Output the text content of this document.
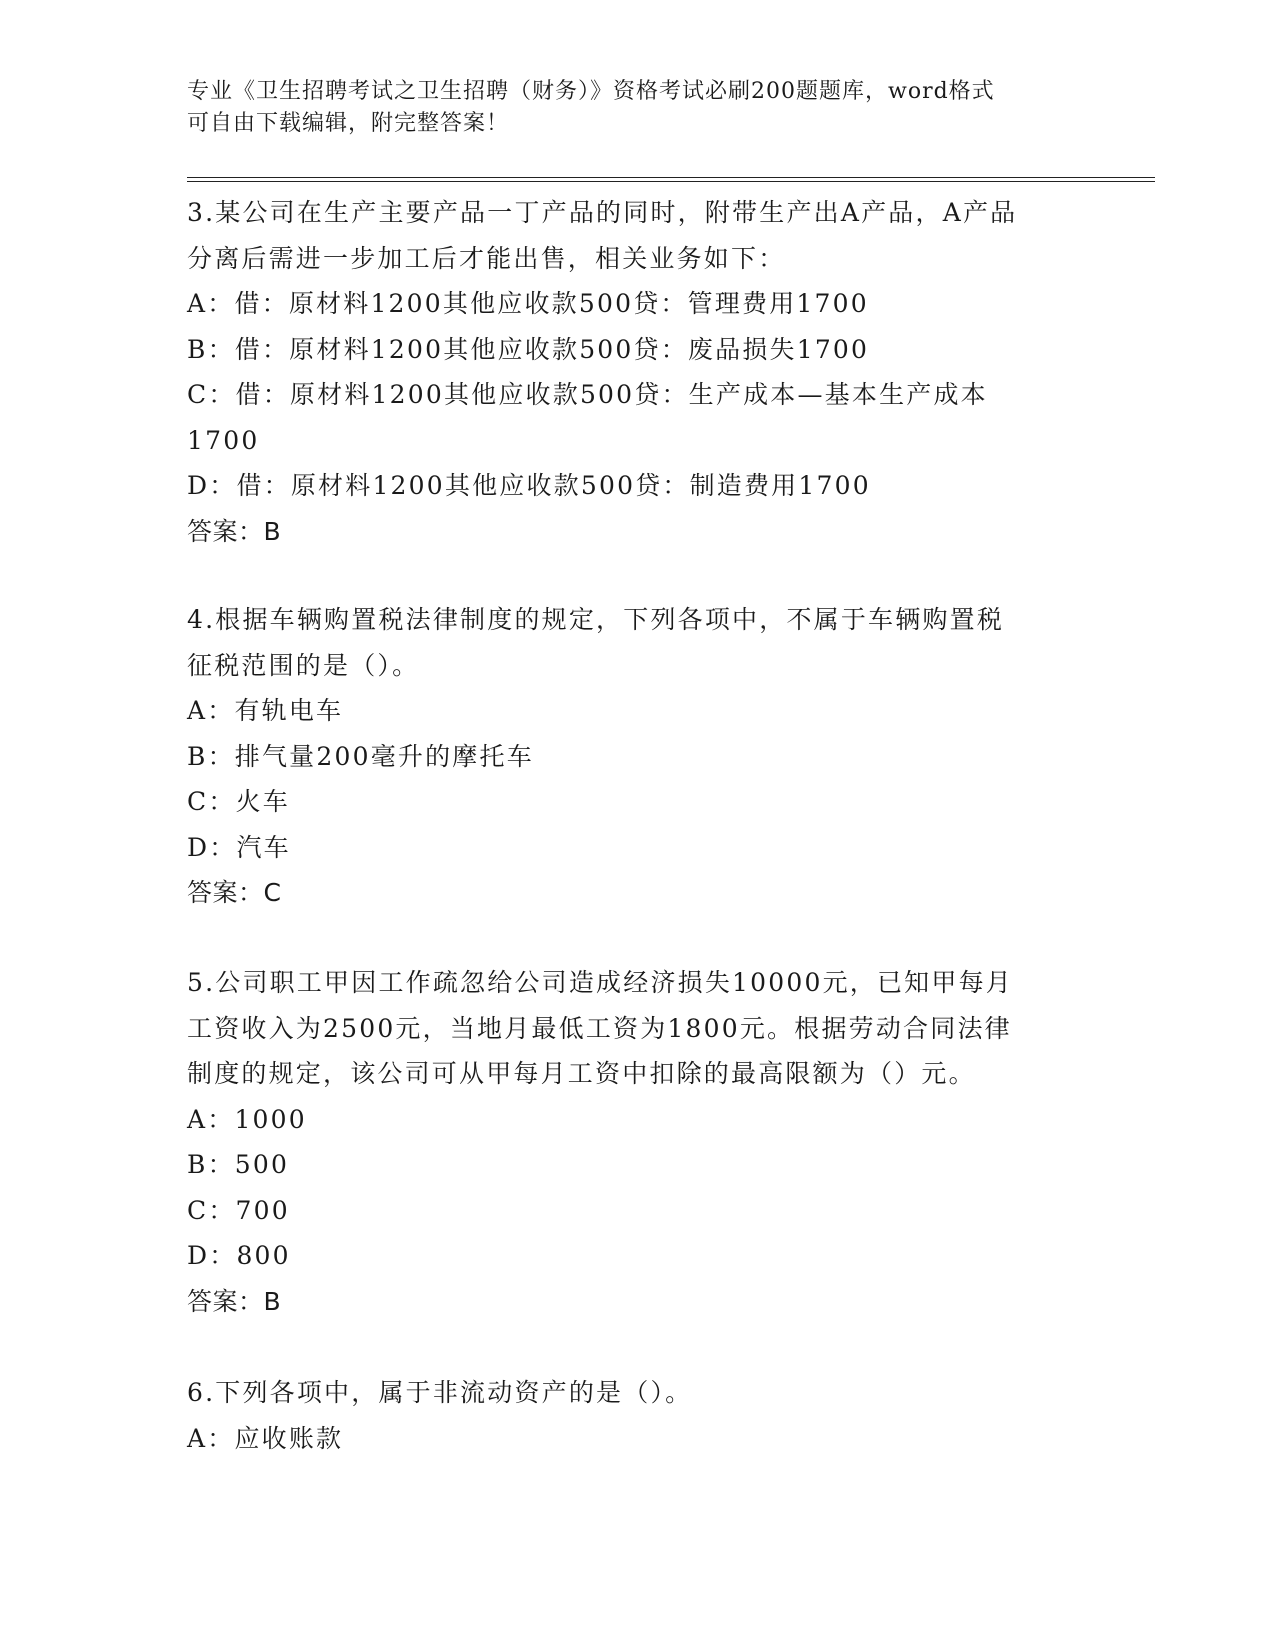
专业《卫生招聘考试之卫生招聘（财务）》资格考试必刷200题题库，word格式
可自由下载编辑，附完整答案！

3.某公司在生产主要产品一丁产品的同时，附带生产出A产品，A产品

分离后需进一步加工后才能出售，相关业务如下：

A：借：原材料1200其他应收款500贷：管理费用1700

B：借：原材料1200其他应收款500贷：废品损失1700

C：借：原材料1200其他应收款500贷：生产成本—基本生产成本

1700

D：借：原材料1200其他应收款500贷：制造费用1700

答案：B

4.根据车辆购置税法律制度的规定，下列各项中，不属于车辆购置税

征税范围的是（）。

A：有轨电车

B：排气量200毫升的摩托车

C：火车

D：汽车

答案：C

5.公司职工甲因工作疏忽给公司造成经济损失10000元，已知甲每月

工资收入为2500元，当地月最低工资为1800元。根据劳动合同法律

制度的规定，该公司可从甲每月工资中扣除的最高限额为（）元。

A：1000

B：500

C：700

D：800

答案：B

6.下列各项中，属于非流动资产的是（）。

A：应收账款
